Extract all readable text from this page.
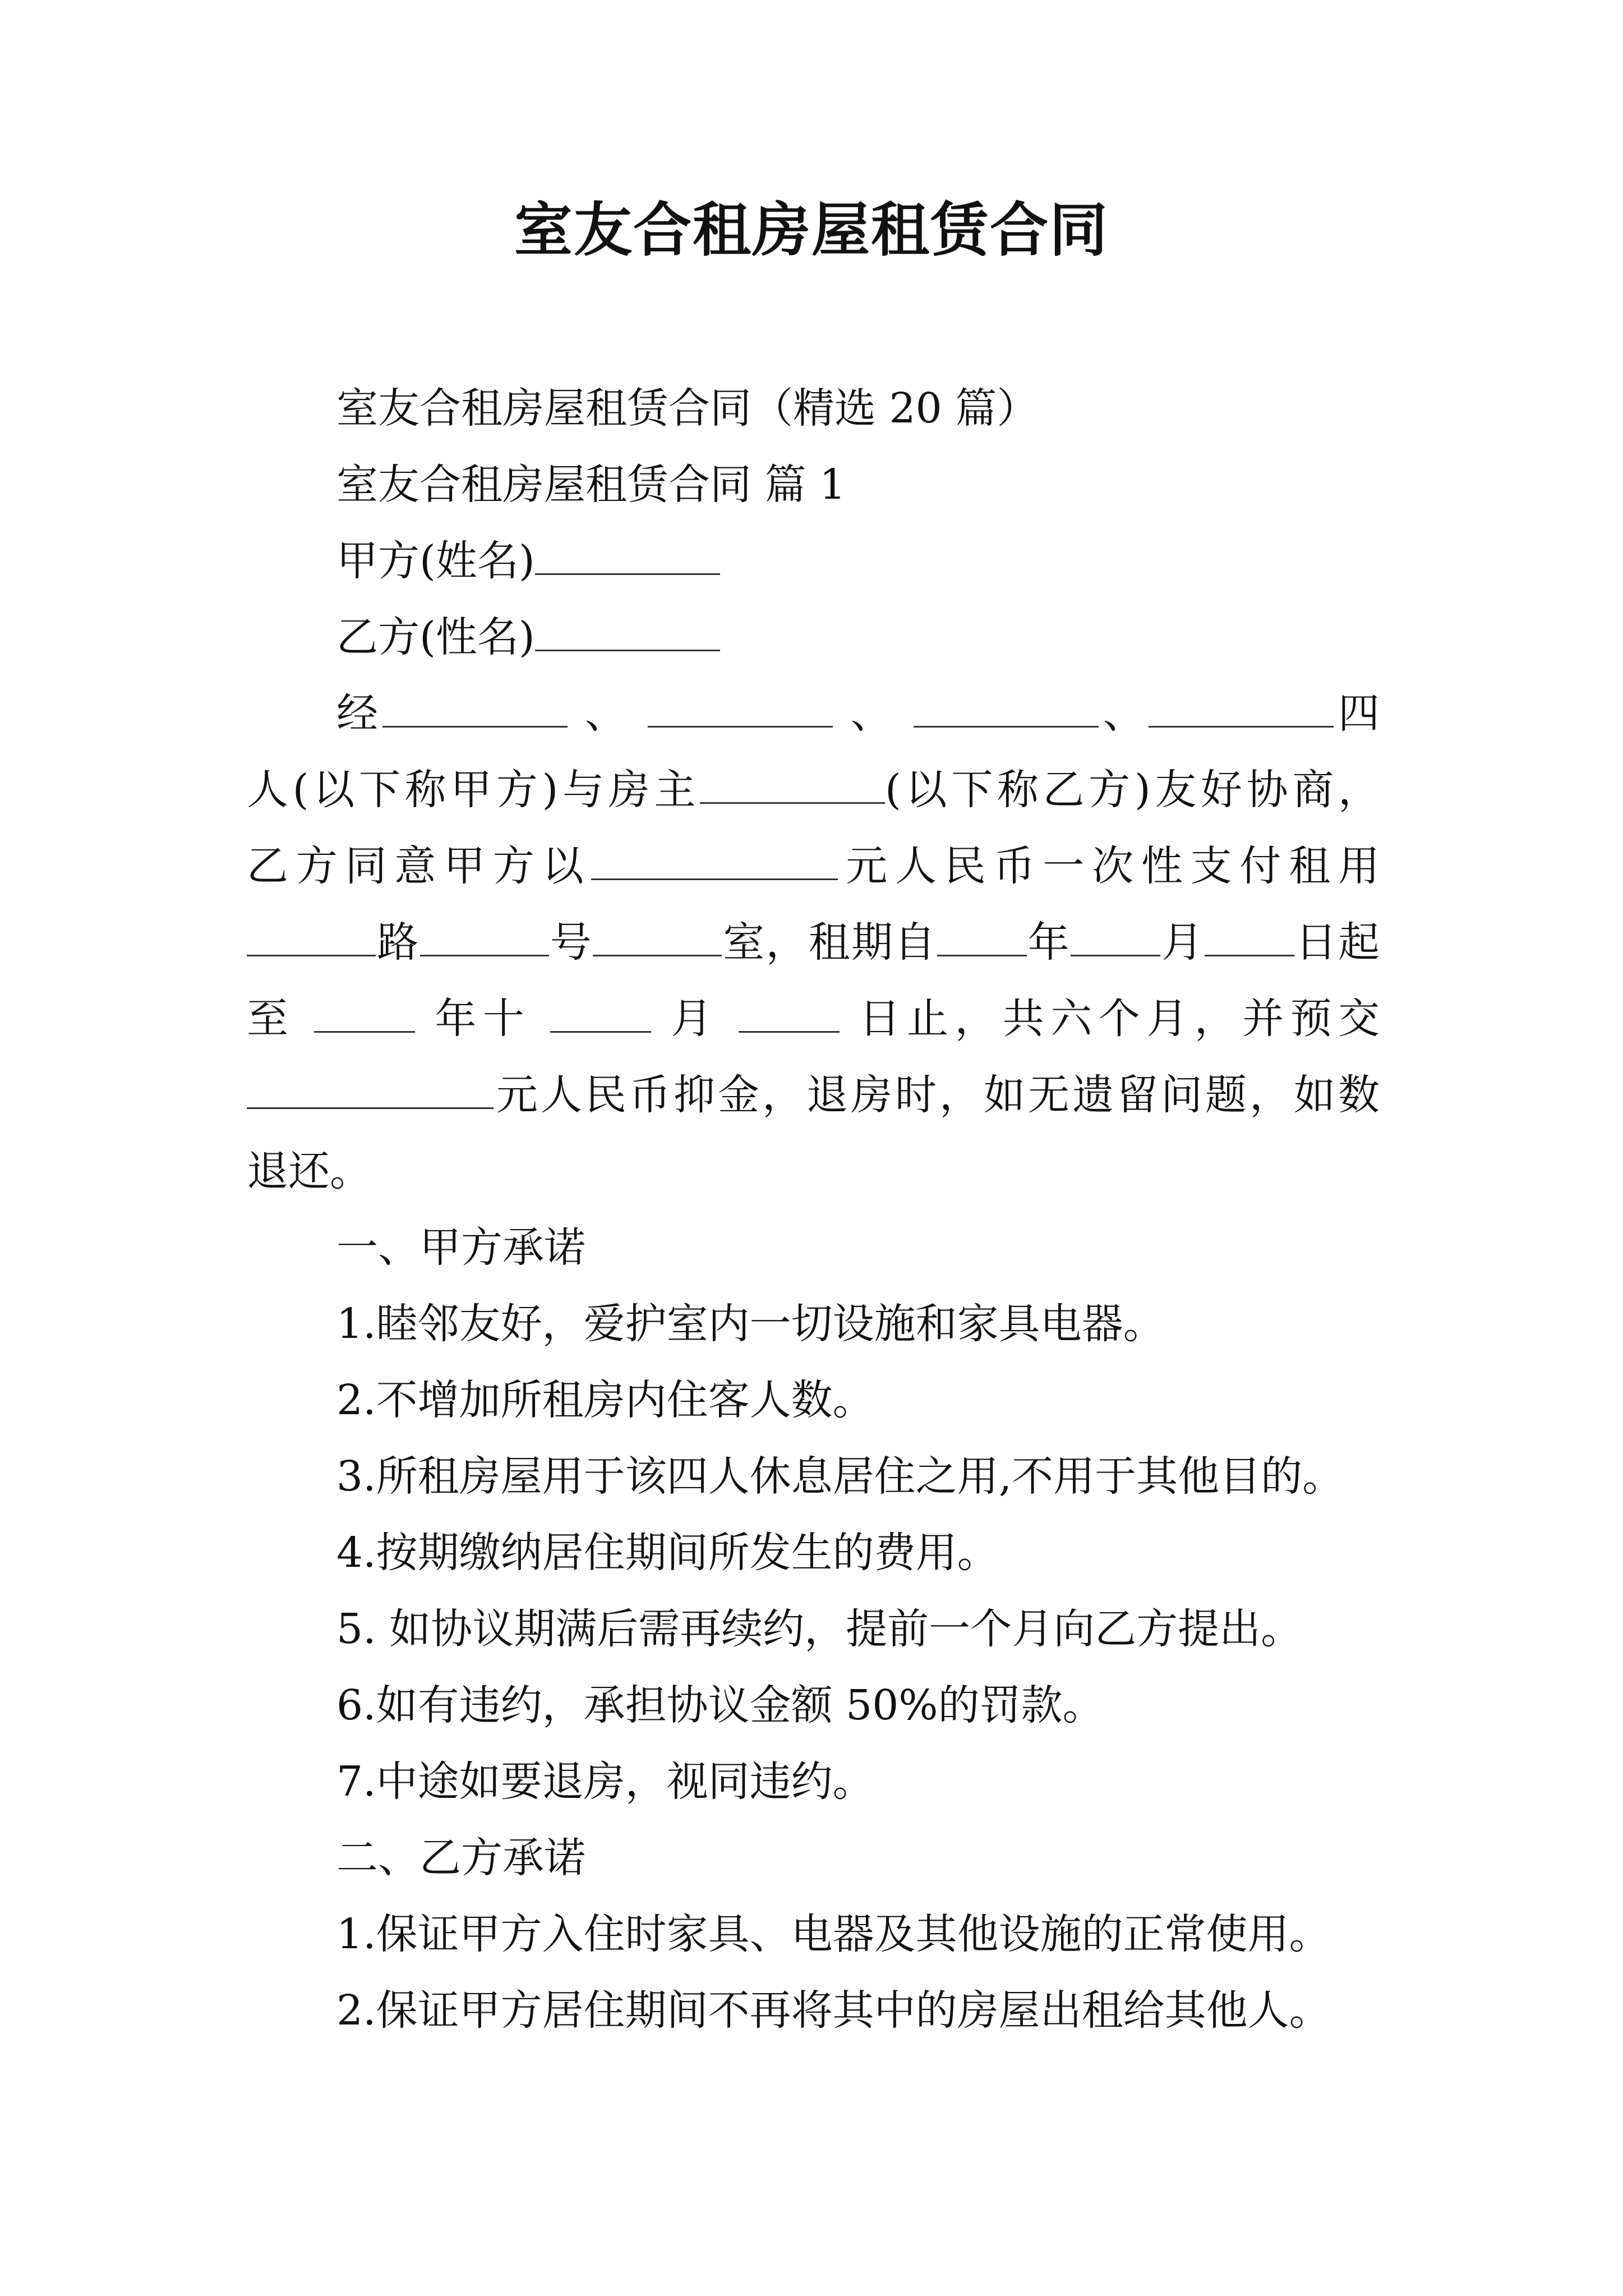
室友合租房屋租赁合同

室友合租房屋租赁合同（精选 20 篇）

室友合租房屋租赁合同 篇 1

甲方(姓名)

乙方(性名)

经	、	、	、	四

人(以下称甲方)与房主	(以下称乙方)友好协商，

乙方同意甲方以	元人民币一次性支付租用

路	号	室，租期自 年 月 日起

至	年十	月	日止，共六个月，并预交

元人民币抑金，退房时，如无遗留问题，如数

退还。

一、甲方承诺

1.睦邻友好，爱护室内一切设施和家具电器。

2.不增加所租房内住客人数。

3.所租房屋用于该四人休息居住之用,不用于其他目的。

4.按期缴纳居住期间所发生的费用。

5. 如协议期满后需再续约，提前一个月向乙方提出。

6.如有违约，承担协议金额 50%的罚款。

7.中途如要退房，视同违约。

二、乙方承诺

1.保证甲方入住时家具、电器及其他设施的正常使用。

2.保证甲方居住期间不再将其中的房屋出租给其他人。
